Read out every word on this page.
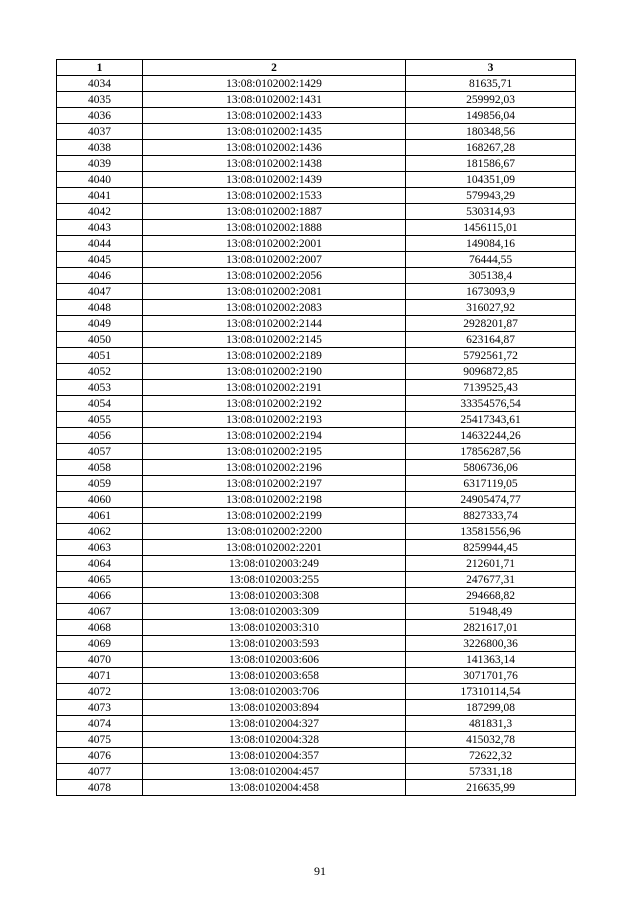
1	2	3
4034	13:08:0102002:1429	81635,71
4035	13:08:0102002:1431	259992,03
4036	13:08:0102002:1433	149856,04
4037	13:08:0102002:1435	180348,56
4038	13:08:0102002:1436	168267,28
4039	13:08:0102002:1438	181586,67
4040	13:08:0102002:1439	104351,09
4041	13:08:0102002:1533	579943,29
4042	13:08:0102002:1887	530314,93
4043	13:08:0102002:1888	1456115,01
4044	13:08:0102002:2001	149084,16
4045	13:08:0102002:2007	76444,55
4046	13:08:0102002:2056	305138,4
4047	13:08:0102002:2081	1673093,9
4048	13:08:0102002:2083	316027,92
4049	13:08:0102002:2144	2928201,87
4050	13:08:0102002:2145	623164,87
4051	13:08:0102002:2189	5792561,72
4052	13:08:0102002:2190	9096872,85
4053	13:08:0102002:2191	7139525,43
4054	13:08:0102002:2192	33354576,54
4055	13:08:0102002:2193	25417343,61
4056	13:08:0102002:2194	14632244,26
4057	13:08:0102002:2195	17856287,56
4058	13:08:0102002:2196	5806736,06
4059	13:08:0102002:2197	6317119,05
4060	13:08:0102002:2198	24905474,77
4061	13:08:0102002:2199	8827333,74
4062	13:08:0102002:2200	13581556,96
4063	13:08:0102002:2201	8259944,45
4064	13:08:0102003:249	212601,71
4065	13:08:0102003:255	247677,31
4066	13:08:0102003:308	294668,82
4067	13:08:0102003:309	51948,49
4068	13:08:0102003:310	2821617,01
4069	13:08:0102003:593	3226800,36
4070	13:08:0102003:606	141363,14
4071	13:08:0102003:658	3071701,76
4072	13:08:0102003:706	17310114,54
4073	13:08:0102003:894	187299,08
4074	13:08:0102004:327	481831,3
4075	13:08:0102004:328	415032,78
4076	13:08:0102004:357	72622,32
4077	13:08:0102004:457	57331,18
4078	13:08:0102004:458	216635,99
91
